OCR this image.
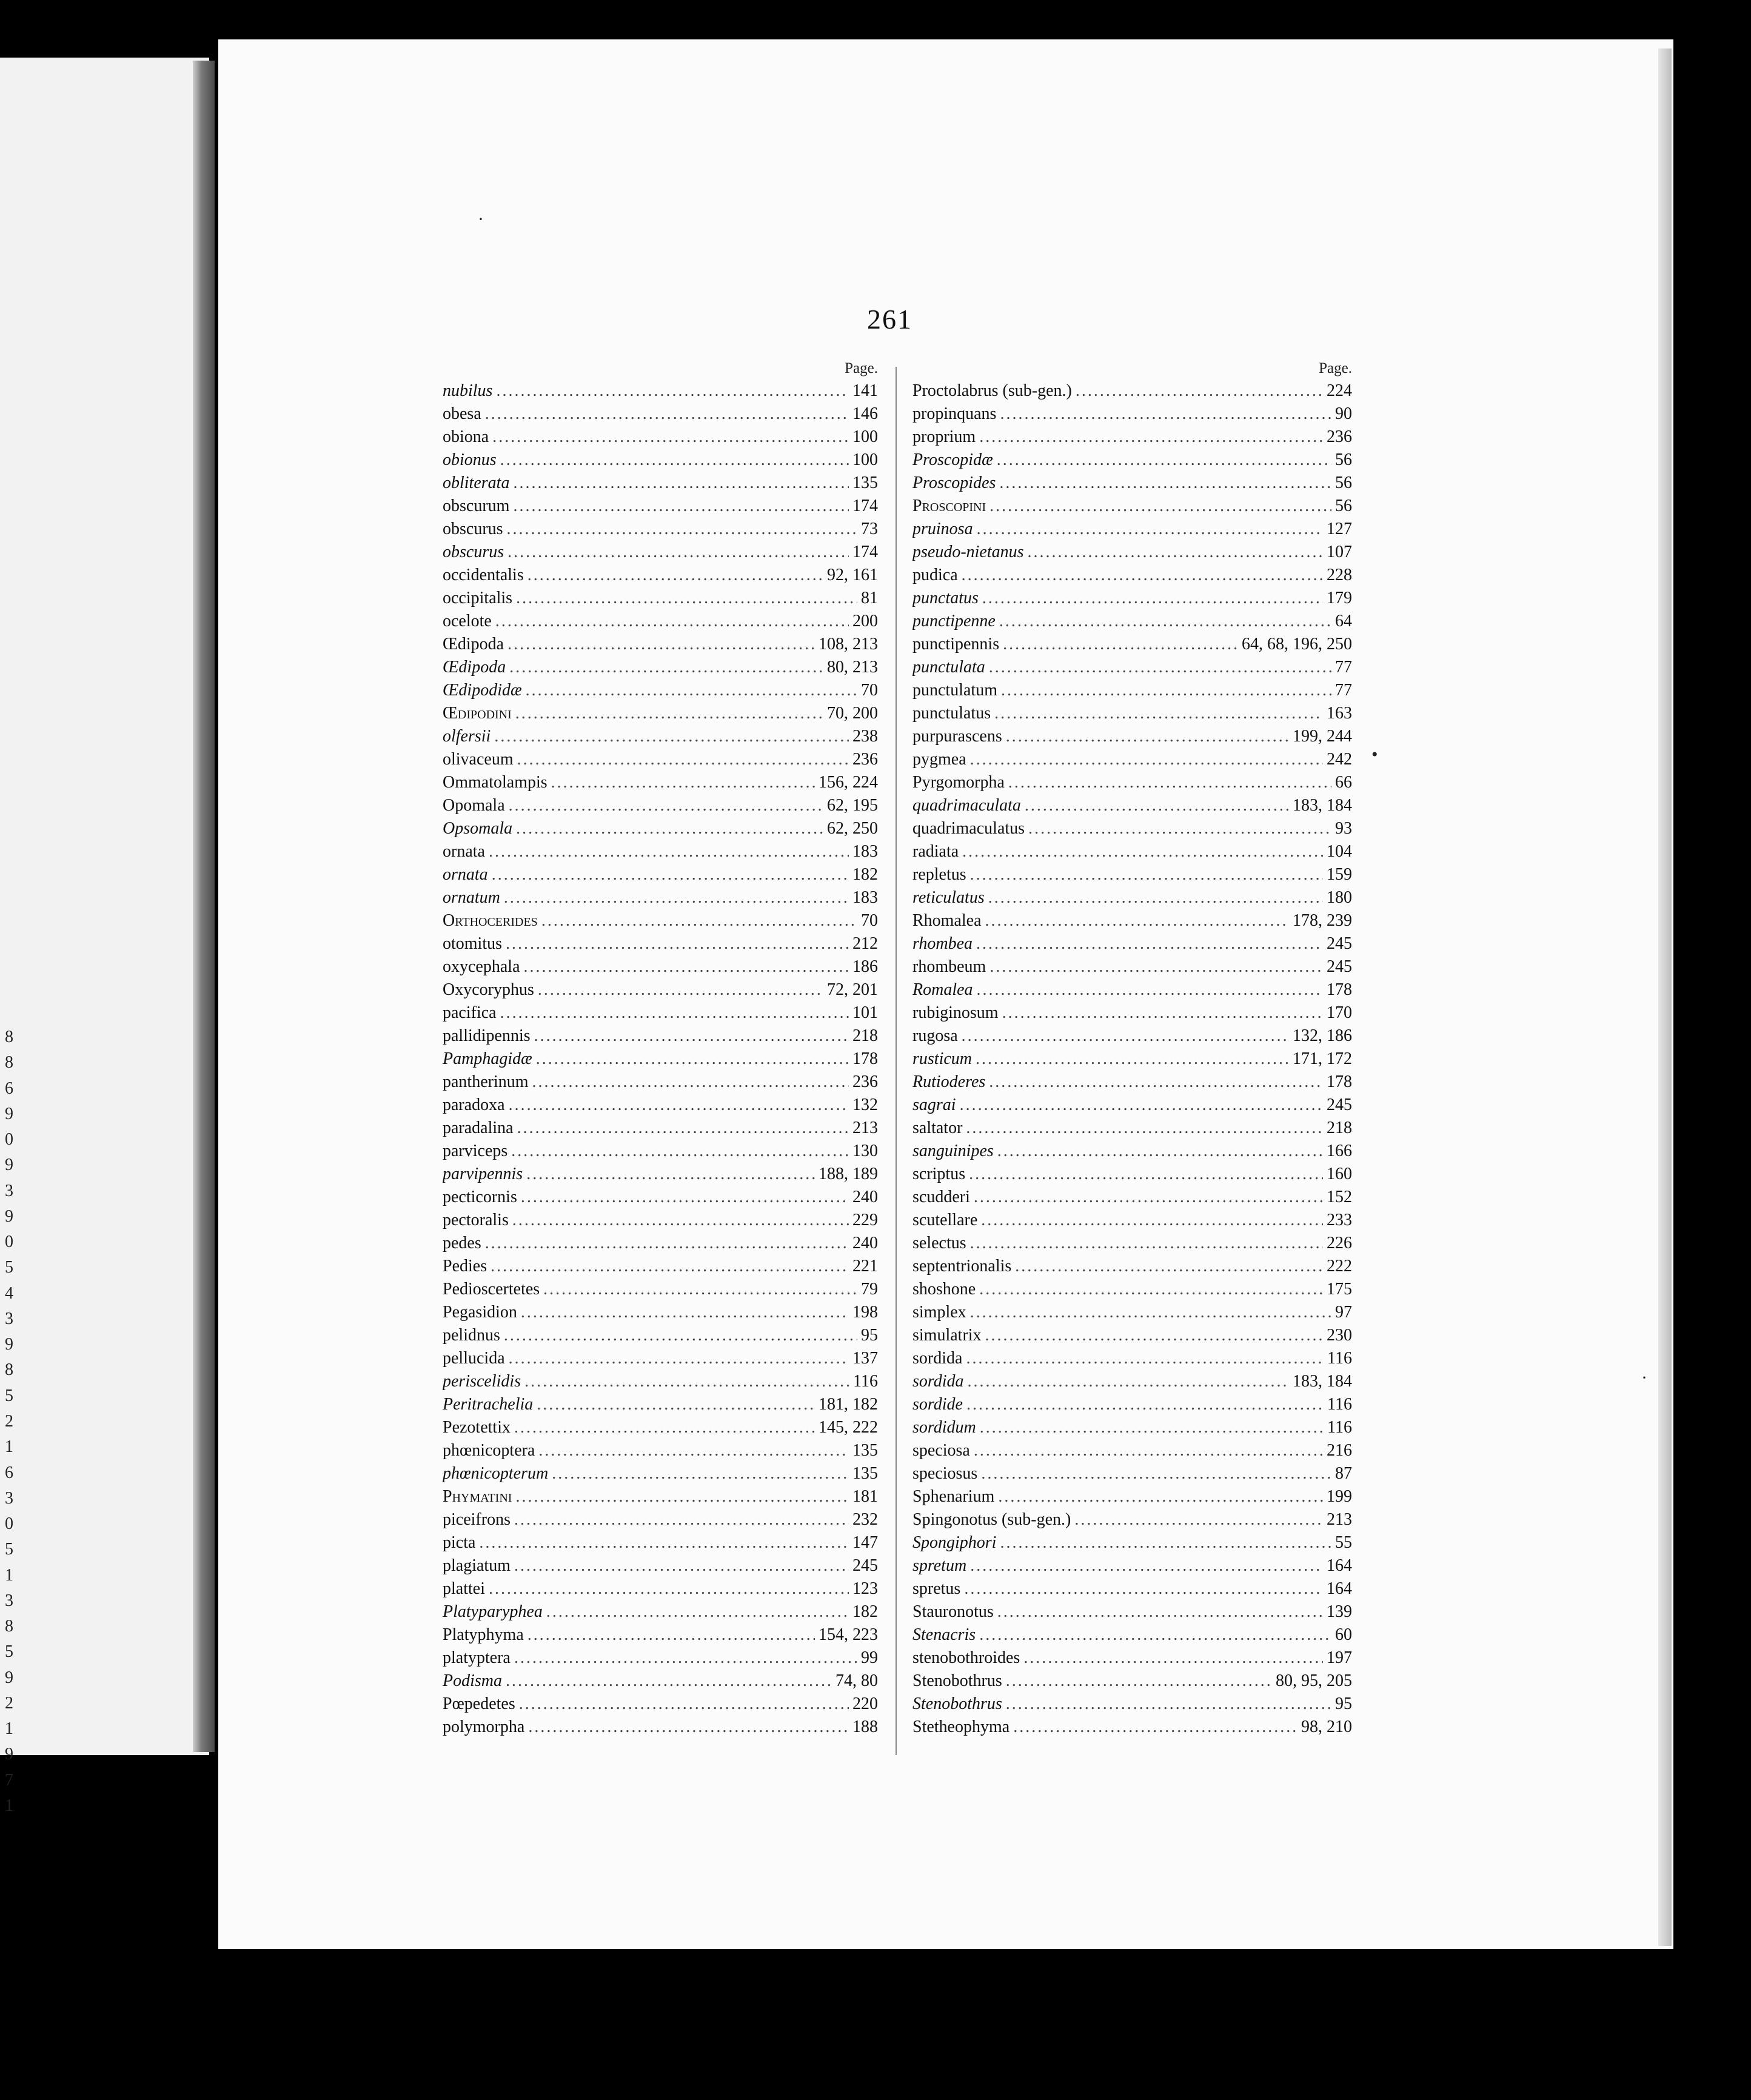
8
8
6
9
0
9
3
9
0
5
4
3
9
8
5
2
1
6
3
0
5
1
3
8
5
9
2
1
9
7
1
261
Page.
nubilus .....	141
obesa .....	146
obiona .....	100
obionus .....	100
obliterata .....	135
obscurum .....	174
obscurus .....	73
obscurus .....	174
occidentalis .....	92, 161
occipitalis .....	81
ocelote .....	200
Œdipoda .....	108, 213
Œdipoda .....	80, 213
Œdipodidæ .....	70
Œdipodini .....	70, 200
olfersii .....	238
olivaceum .....	236
Ommatolampis .....	156, 224
Opomala .....	62, 195
Opsomala .....	62, 250
ornata .....	183
ornata .....	182
ornatum .....	183
Orthocerides .....	70
otomitus .....	212
oxycephala .....	186
Oxycoryphus .....	72, 201
pacifica .....	101
pallidipennis .....	218
Pamphagidæ .....	178
pantherinum .....	236
paradoxa .....	132
paradalina .....	213
parviceps .....	130
parvipennis .....	188, 189
pecticornis .....	240
pectoralis .....	229
pedes .....	240
Pedies .....	221
Pedioscertetes .....	79
Pegasidion .....	198
pelidnus .....	95
pellucida .....	137
periscelidis .....	116
Peritrachelia .....	181, 182
Pezotettix .....	145, 222
phœnicoptera .....	135
phœnicopterum .....	135
Phymatini .....	181
piceifrons .....	232
picta .....	147
plagiatum .....	245
plattei .....	123
Platyparyphea .....	182
Platyphyma .....	154, 223
platyptera .....	99
Podisma .....	74, 80
Pœpedetes .....	220
polymorpha .....	188
Page.
Proctolabrus (sub-gen.) .....	224
propinquans .....	90
proprium .....	236
Proscopidæ .....	56
Proscopides .....	56
Proscopini .....	56
pruinosa .....	127
pseudo-nietanus .....	107
pudica .....	228
punctatus .....	179
punctipenne .....	64
punctipennis .....	64, 68, 196, 250
punctulata .....	77
punctulatum .....	77
punctulatus .....	163
purpurascens .....	199, 244
pygmea .....	242
Pyrgomorpha .....	66
quadrimaculata .....	183, 184
quadrimaculatus .....	93
radiata .....	104
repletus .....	159
reticulatus .....	180
Rhomalea .....	178, 239
rhombea .....	245
rhombeum .....	245
Romalea .....	178
rubiginosum .....	170
rugosa .....	132, 186
rusticum .....	171, 172
Rutioderes .....	178
sagrai .....	245
saltator .....	218
sanguinipes .....	166
scriptus .....	160
scudderi .....	152
scutellare .....	233
selectus .....	226
septentrionalis .....	222
shoshone .....	175
simplex .....	97
simulatrix .....	230
sordida .....	116
sordida .....	183, 184
sordide .....	116
sordidum .....	116
speciosa .....	216
speciosus .....	87
Sphenarium .....	199
Spingonotus (sub-gen.) .....	213
Spongiphori .....	55
spretum .....	164
spretus .....	164
Stauronotus .....	139
Stenacris .....	60
stenobothroides .....	197
Stenobothrus .....	80, 95, 205
Stenobothrus .....	95
Stetheophyma .....	98, 210
·
•
·
